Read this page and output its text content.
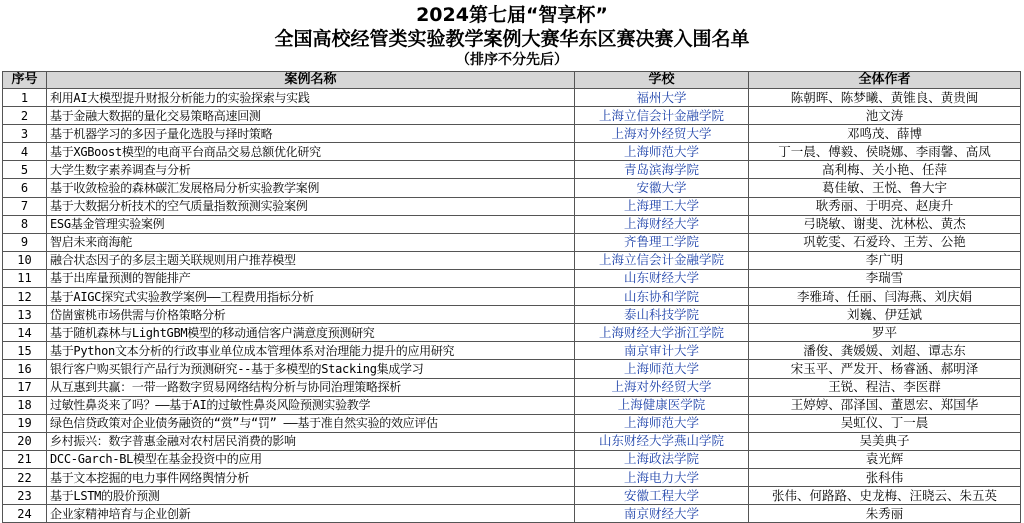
2024第七届“智享杯”
全国高校经管类实验教学案例大赛华东区赛决赛入围名单
（排序不分先后）
序号	案例名称	学校	全体作者
1	利用AI大模型提升财报分析能力的实验探索与实践	福州大学	陈朝晖、陈梦曦、黄锥良、黄贵闽
2	基于金融大数据的量化交易策略高速回测	上海立信会计金融学院	池文涛
3	基于机器学习的多因子量化选股与择时策略	上海对外经贸大学	邓鸣茂、薛博
4	基于XGBoost模型的电商平台商品交易总额优化研究	上海师范大学	丁一晨、傅毅、侯晓娜、李雨馨、高凤
5	大学生数字素养调查与分析	青岛滨海学院	高利梅、关小艳、任萍
6	基于收敛检验的森林碳汇发展格局分析实验教学案例	安徽大学	葛佳敏、王悦、鲁大宇
7	基于大数据分析技术的空气质量指数预测实验案例	上海理工大学	耿秀丽、于明亮、赵庚升
8	ESG基金管理实验案例	上海财经大学	弓晓敏、谢斐、沈林松、黄杰
9	智启未来商海舵	齐鲁理工学院	巩乾雯、石爱玲、王芳、公艳
10	融合状态因子的多层主题关联规则用户推荐模型	上海立信会计金融学院	李广明
11	基于出库量预测的智能排产	山东财经大学	李瑞雪
12	基于AIGC探究式实验教学案例——工程费用指标分析	山东协和学院	李雅琦、任丽、闫海燕、刘庆娟
13	岱崮蜜桃市场供需与价格策略分析	泰山科技学院	刘巍、伊廷斌
14	基于随机森林与LightGBM模型的移动通信客户满意度预测研究	上海财经大学浙江学院	罗平
15	基于Python文本分析的行政事业单位成本管理体系对治理能力提升的应用研究	南京审计大学	潘俊、龚媛媛、刘超、谭志东
16	银行客户购买银行产品行为预测研究--基于多模型的Stacking集成学习	上海师范大学	宋玉平、严发开、杨睿涵、郝明泽
17	从互惠到共赢：一带一路数字贸易网络结构分析与协同治理策略探析	上海对外经贸大学	王锐、程洁、李医群
18	过敏性鼻炎来了吗？——基于AI的过敏性鼻炎风险预测实验教学	上海健康医学院	王婷婷、邵泽国、董恩宏、郑国华
19	绿色信贷政策对企业债务融资的“赏”与“罚” ——基于准自然实验的效应评估	上海师范大学	吴虹仪、丁一晨
20	乡村振兴：数字普惠金融对农村居民消费的影响	山东财经大学燕山学院	吴美典子
21	DCC-Garch-BL模型在基金投资中的应用	上海政法学院	袁光辉
22	基于文本挖掘的电力事件网络舆情分析	上海电力大学	张科伟
23	基于LSTM的股价预测	安徽工程大学	张伟、何路路、史龙梅、汪晓云、朱五英
24	企业家精神培育与企业创新	南京财经大学	朱秀丽
